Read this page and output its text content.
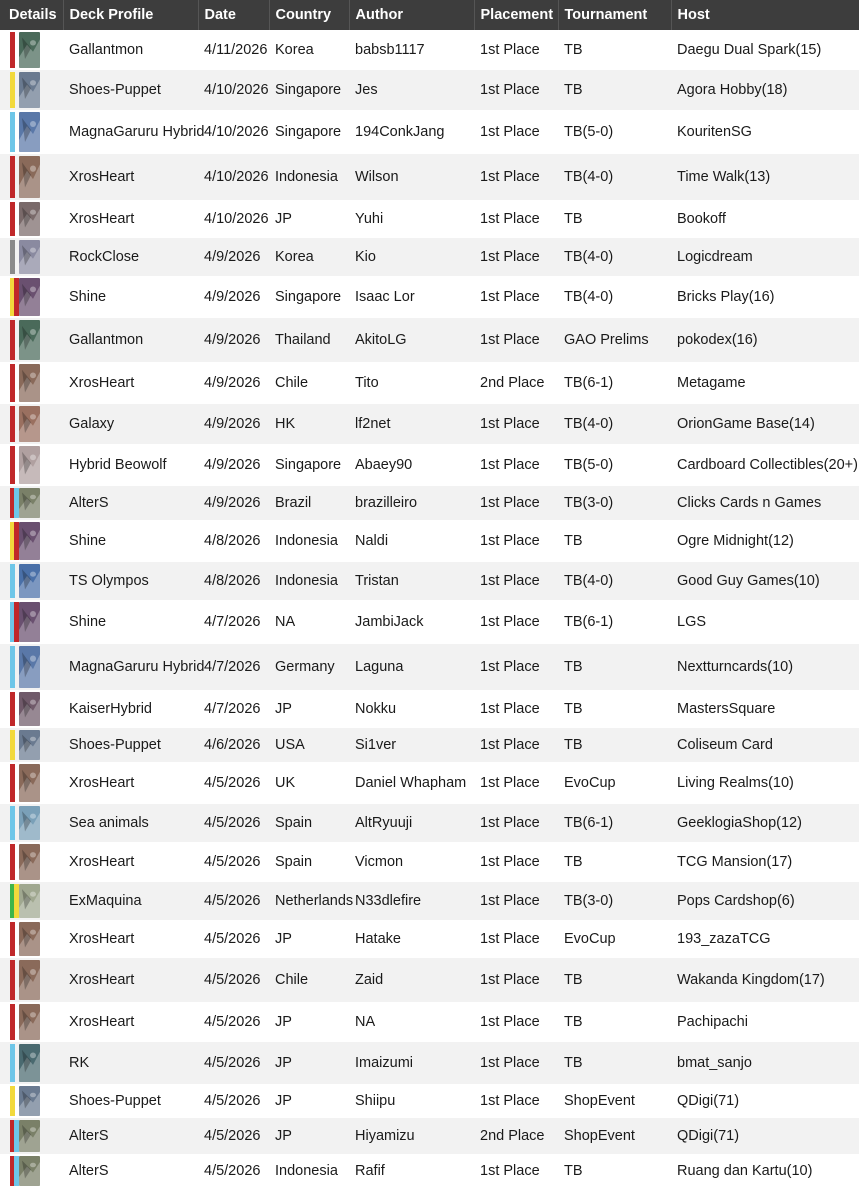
Details	Deck Profile	Date	Country	Author	Placement	Tournament	Host

	Gallantmon	4/11/2026	Korea	babsb1117	1st Place	TB	Daegu Dual Spark(15)

	Shoes-Puppet	4/10/2026	Singapore	Jes	1st Place	TB	Agora Hobby(18)

	MagnaGaruru Hybrid	4/10/2026	Singapore	194ConkJang	1st Place	TB(5-0)	KouritenSG

	XrosHeart	4/10/2026	Indonesia	Wilson	1st Place	TB(4-0)	Time Walk(13)

	XrosHeart	4/10/2026	JP	Yuhi	1st Place	TB	Bookoff

	RockClose	4/9/2026	Korea	Kio	1st Place	TB(4-0)	Logicdream

	Shine	4/9/2026	Singapore	Isaac Lor	1st Place	TB(4-0)	Bricks Play(16)

	Gallantmon	4/9/2026	Thailand	AkitoLG	1st Place	GAO Prelims	pokodex(16)

	XrosHeart	4/9/2026	Chile	Tito	2nd Place	TB(6-1)	Metagame

	Galaxy	4/9/2026	HK	lf2net	1st Place	TB(4-0)	OrionGame Base(14)

	Hybrid Beowolf	4/9/2026	Singapore	Abaey90	1st Place	TB(5-0)	Cardboard Collectibles(20+)

	AlterS	4/9/2026	Brazil	brazilleiro	1st Place	TB(3-0)	Clicks Cards n Games

	Shine	4/8/2026	Indonesia	Naldi	1st Place	TB	Ogre Midnight(12)

	TS Olympos	4/8/2026	Indonesia	Tristan	1st Place	TB(4-0)	Good Guy Games(10)

	Shine	4/7/2026	NA	JambiJack	1st Place	TB(6-1)	LGS

	MagnaGaruru Hybrid	4/7/2026	Germany	Laguna	1st Place	TB	Nextturncards(10)

	KaiserHybrid	4/7/2026	JP	Nokku	1st Place	TB	MastersSquare

	Shoes-Puppet	4/6/2026	USA	Si1ver	1st Place	TB	Coliseum Card

	XrosHeart	4/5/2026	UK	Daniel Whapham	1st Place	EvoCup	Living Realms(10)

	Sea animals	4/5/2026	Spain	AltRyuuji	1st Place	TB(6-1)	GeeklogiaShop(12)

	XrosHeart	4/5/2026	Spain	Vicmon	1st Place	TB	TCG Mansion(17)

	ExMaquina	4/5/2026	Netherlands	N33dlefire	1st Place	TB(3-0)	Pops Cardshop(6)

	XrosHeart	4/5/2026	JP	Hatake	1st Place	EvoCup	193_zazaTCG

	XrosHeart	4/5/2026	Chile	Zaid	1st Place	TB	Wakanda Kingdom(17)

	XrosHeart	4/5/2026	JP	NA	1st Place	TB	Pachipachi

	RK	4/5/2026	JP	Imaizumi	1st Place	TB	bmat_sanjo

	Shoes-Puppet	4/5/2026	JP	Shiipu	1st Place	ShopEvent	QDigi(71)

	AlterS	4/5/2026	JP	Hiyamizu	2nd Place	ShopEvent	QDigi(71)

	AlterS	4/5/2026	Indonesia	Rafif	1st Place	TB	Ruang dan Kartu(10)
